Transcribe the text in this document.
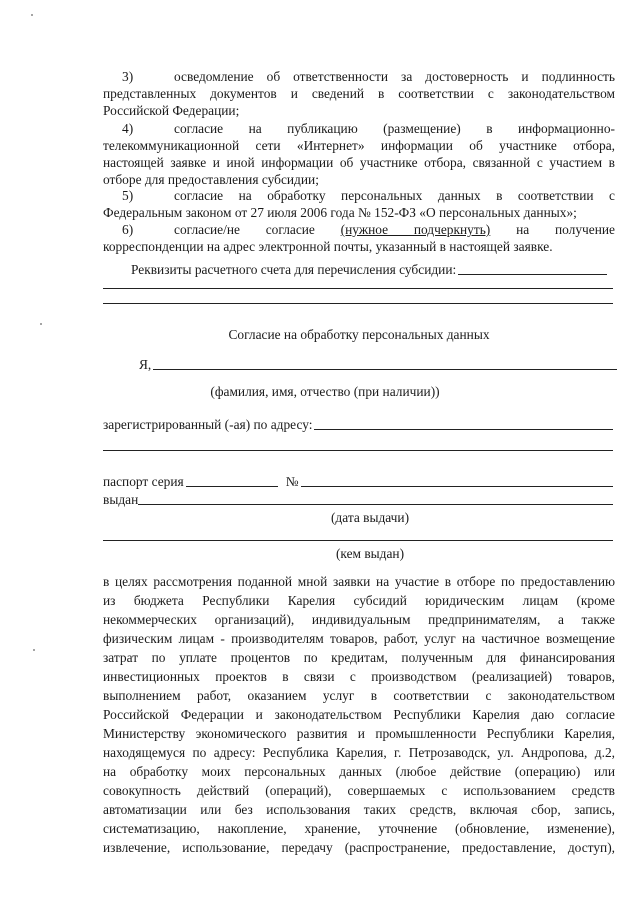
3)	осведомление об ответственности за достоверность и подлинность
представленных документов и сведений в соответствии с законодательством
Российской Федерации;
4)	согласие на публикацию (размещение) в информационно-
телекоммуникационной сети «Интернет» информации об участнике отбора,
настоящей заявке и иной информации об участнике отбора, связанной с участием в
отборе для предоставления субсидии;
5)	согласие на обработку персональных данных в соответствии с
Федеральным законом от 27 июля 2006 года № 152-ФЗ «О персональных данных»;
6)	согласие/не согласие (нужное подчеркнуть) на получение
корреспонденции на адрес электронной почты, указанный в настоящей заявке.
Реквизиты расчетного счета для перечисления субсидии:
Согласие на обработку персональных данных
Я,
(фамилия, имя, отчество (при наличии))
зарегистрированный (-ая) по адресу:
паспорт серия	№
выдан
(дата выдачи)
(кем выдан)
в целях рассмотрения поданной мной заявки на участие в отборе по предоставлению
из бюджета Республики Карелия субсидий юридическим лицам (кроме
некоммерческих организаций), индивидуальным предпринимателям, а также
физическим лицам - производителям товаров, работ, услуг на частичное возмещение
затрат по уплате процентов по кредитам, полученным для финансирования
инвестиционных проектов в связи с производством (реализацией) товаров,
выполнением работ, оказанием услуг в соответствии с законодательством
Российской Федерации и законодательством Республики Карелия даю согласие
Министерству экономического развития и промышленности Республики Карелия,
находящемуся по адресу: Республика Карелия, г. Петрозаводск, ул. Андропова, д.2,
на обработку моих персональных данных (любое действие (операцию) или
совокупность действий (операций), совершаемых с использованием средств
автоматизации или без использования таких средств, включая сбор, запись,
систематизацию, накопление, хранение, уточнение (обновление, изменение),
извлечение, использование, передачу (распространение, предоставление, доступ),
